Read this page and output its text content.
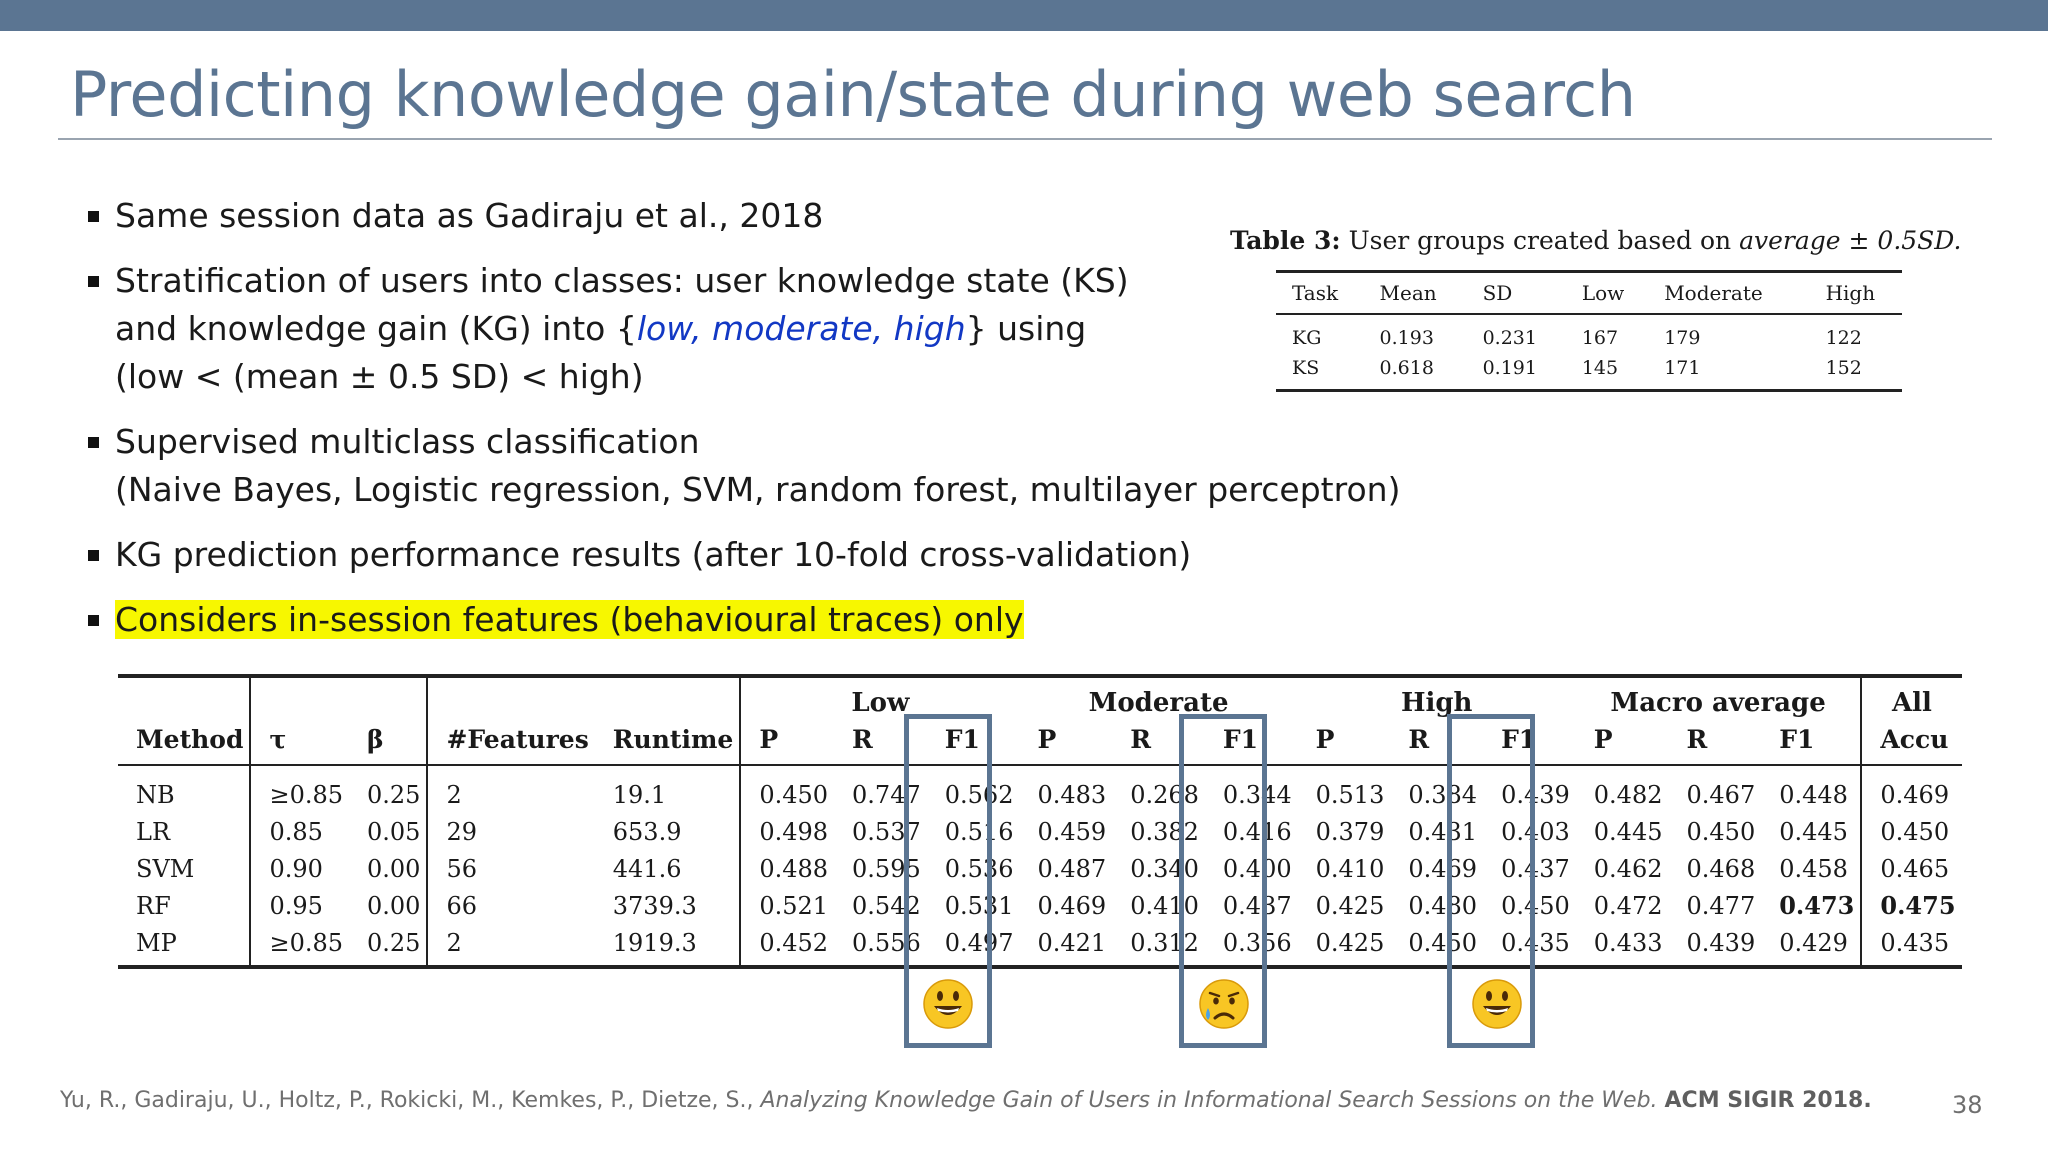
Predicting knowledge gain/state during web search
Same session data as Gadiraju et al., 2018
Stratification of users into classes: user knowledge state (KS)
and knowledge gain (KG) into {low, moderate, high} using
(low < (mean ± 0.5 SD) < high)
Supervised multiclass classification
(Naive Bayes, Logistic regression, SVM, random forest, multilayer perceptron)
KG prediction performance results (after 10-fold cross-validation)
Considers in-session features (behavioural traces) only
Table 3: User groups created based on average ± 0.5SD.
Task	Mean	SD	Low	Moderate	High
KG	0.193	0.231	167	179	122
KS	0.618	0.191	145	171	152
					Low			Moderate			High			Macro average			All
Method	τ	β	#Features	Runtime	P	R	F1	P	R	F1	P	R	F1	P	R	F1	Accu
NB	≥0.85	0.25	2	19.1	0.450	0.747	0.562	0.483	0.268	0.344	0.513	0.384	0.439	0.482	0.467	0.448	0.469
LR	0.85	0.05	29	653.9	0.498	0.537	0.516	0.459	0.382	0.416	0.379	0.431	0.403	0.445	0.450	0.445	0.450
SVM	0.90	0.00	56	441.6	0.488	0.595	0.536	0.487	0.340	0.400	0.410	0.469	0.437	0.462	0.468	0.458	0.465
RF	0.95	0.00	66	3739.3	0.521	0.542	0.531	0.469	0.410	0.437	0.425	0.480	0.450	0.472	0.477	0.473	0.475
MP	≥0.85	0.25	2	1919.3	0.452	0.556	0.497	0.421	0.312	0.356	0.425	0.450	0.435	0.433	0.439	0.429	0.435
Yu, R., Gadiraju, U., Holtz, P., Rokicki, M., Kemkes, P., Dietze, S., Analyzing Knowledge Gain of Users in Informational Search Sessions on the Web. ACM SIGIR 2018.	38
